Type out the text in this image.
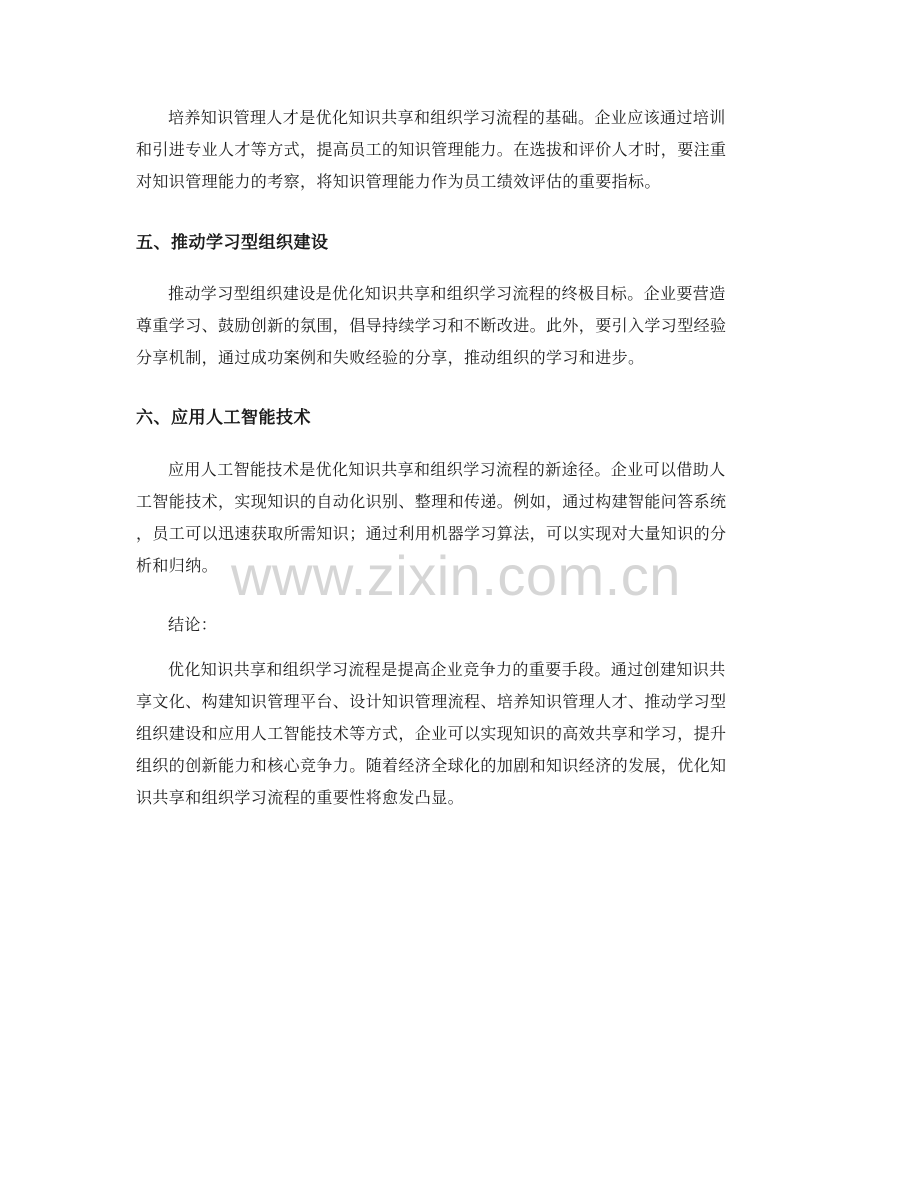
培养知识管理人才是优化知识共享和组织学习流程的基础。企业应该通过培训
和引进专业人才等方式，提高员工的知识管理能力。在选拔和评价人才时，要注重
对知识管理能力的考察，将知识管理能力作为员工绩效评估的重要指标。
五、推动学习型组织建设
推动学习型组织建设是优化知识共享和组织学习流程的终极目标。企业要营造
尊重学习、鼓励创新的氛围，倡导持续学习和不断改进。此外，要引入学习型经验
分享机制，通过成功案例和失败经验的分享，推动组织的学习和进步。
六、应用人工智能技术
应用人工智能技术是优化知识共享和组织学习流程的新途径。企业可以借助人
工智能技术，实现知识的自动化识别、整理和传递。例如，通过构建智能问答系统
，员工可以迅速获取所需知识；通过利用机器学习算法，可以实现对大量知识的分
析和归纳。
结论：
优化知识共享和组织学习流程是提高企业竞争力的重要手段。通过创建知识共
享文化、构建知识管理平台、设计知识管理流程、培养知识管理人才、推动学习型
组织建设和应用人工智能技术等方式，企业可以实现知识的高效共享和学习，提升
组织的创新能力和核心竞争力。随着经济全球化的加剧和知识经济的发展，优化知
识共享和组织学习流程的重要性将愈发凸显。
www.zixin.com.cn
